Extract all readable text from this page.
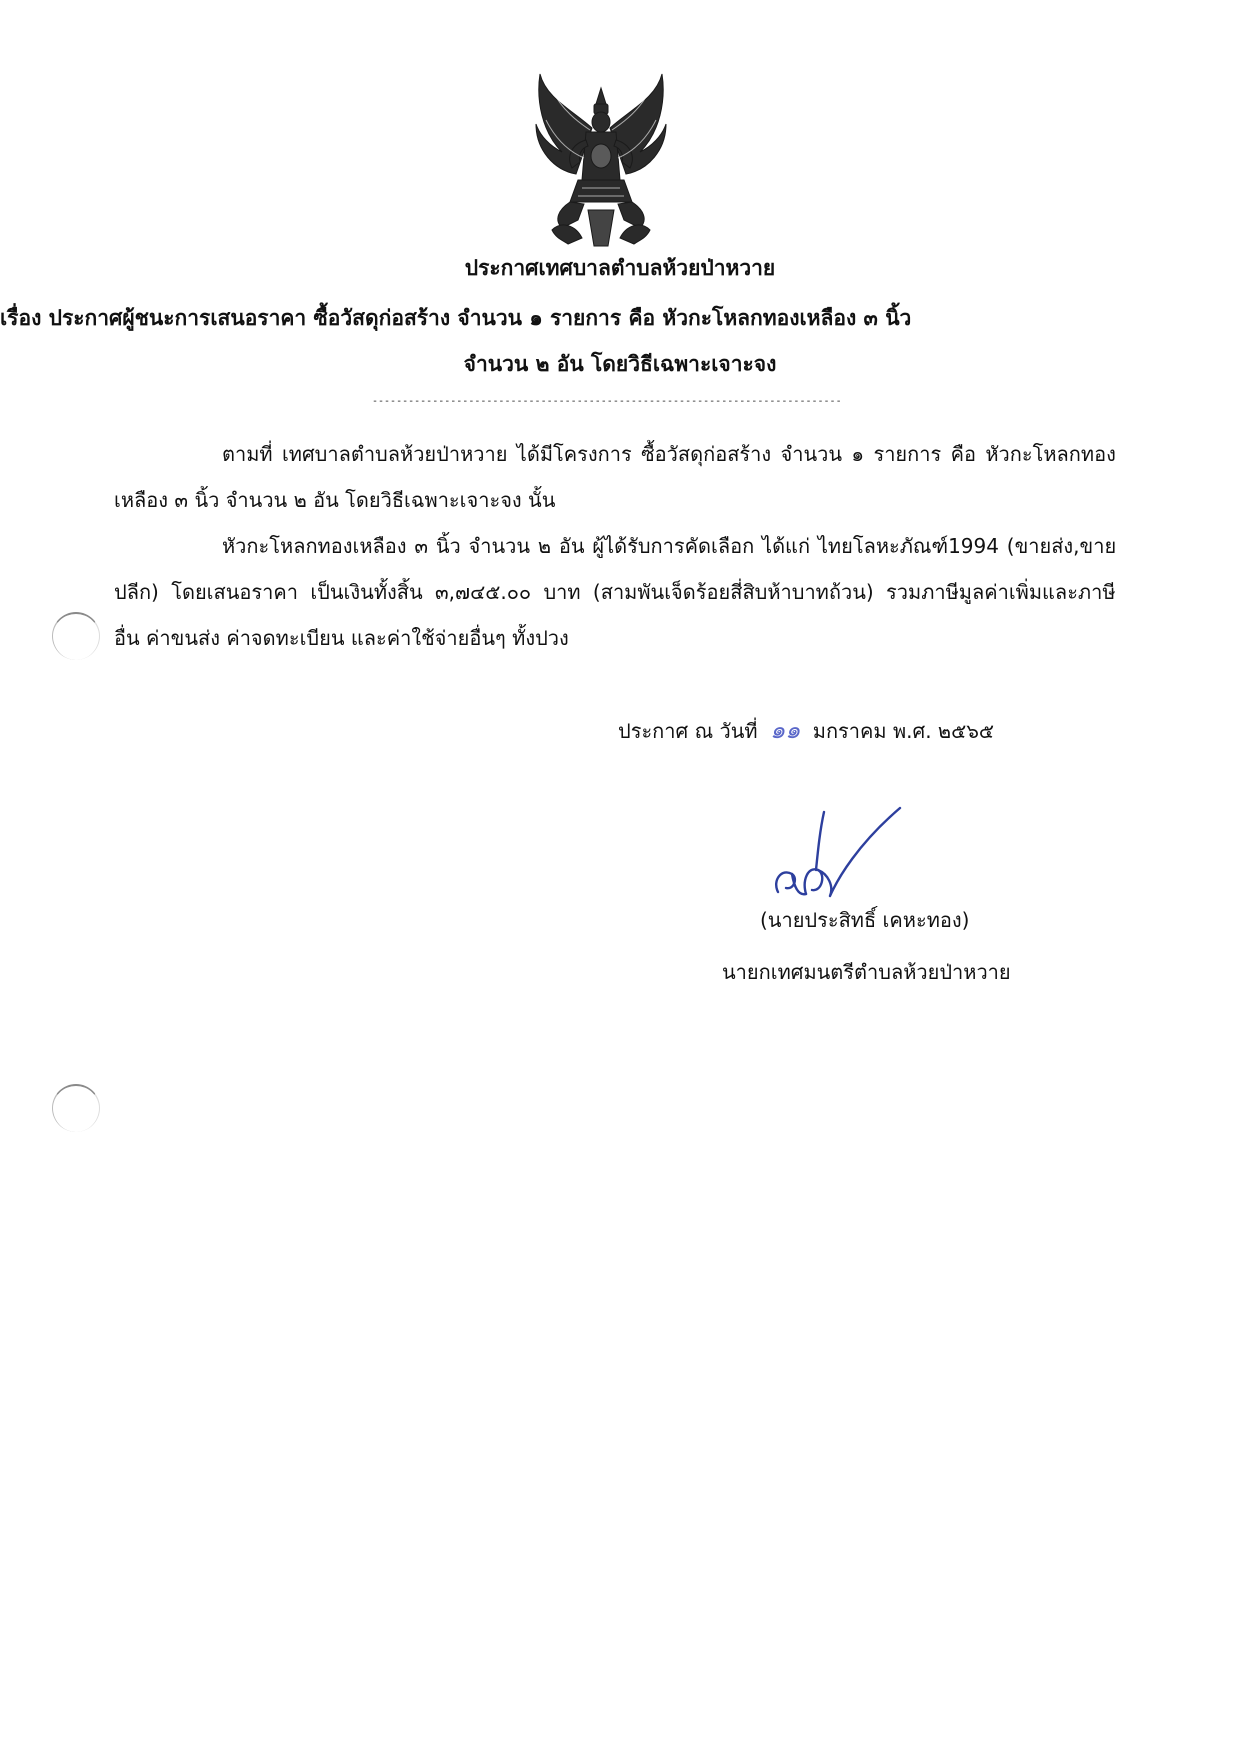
ประกาศเทศบาลตำบลห้วยป่าหวาย
เรื่อง ประกาศผู้ชนะการเสนอราคา ซื้อวัสดุก่อสร้าง จำนวน ๑ รายการ คือ หัวกะโหลกทองเหลือง ๓ นิ้ว
จำนวน ๒ อัน โดยวิธีเฉพาะเจาะจง
------------------------------------------------------------------------------
ตามที่ เทศบาลตำบลห้วยป่าหวาย ได้มีโครงการ ซื้อวัสดุก่อสร้าง จำนวน ๑ รายการ คือ หัวกะโหลกทอง
เหลือง ๓ นิ้ว จำนวน ๒ อัน โดยวิธีเฉพาะเจาะจง นั้น
หัวกะโหลกทองเหลือง ๓ นิ้ว จำนวน ๒ อัน ผู้ได้รับการคัดเลือก ได้แก่ ไทยโลหะภัณฑ์1994 (ขายส่ง,ขาย
ปลีก) โดยเสนอราคา เป็นเงินทั้งสิ้น ๓,๗๔๕.๐๐ บาท (สามพันเจ็ดร้อยสี่สิบห้าบาทถ้วน) รวมภาษีมูลค่าเพิ่มและภาษี
อื่น ค่าขนส่ง ค่าจดทะเบียน และค่าใช้จ่ายอื่นๆ ทั้งปวง
ประกาศ ณ วันที่ ๑๑ มกราคม พ.ศ. ๒๕๖๕
(นายประสิทธิ์ เคหะทอง)
นายกเทศมนตรีตำบลห้วยป่าหวาย
